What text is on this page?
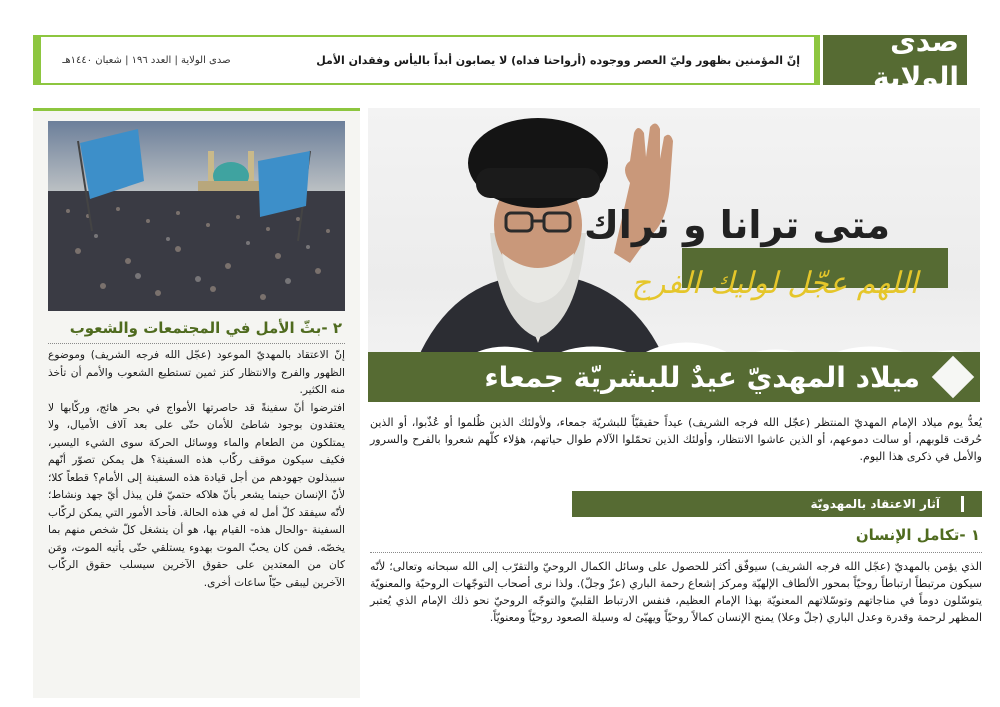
صدى الولاية
إنّ المؤمنين بظهور وليّ العصر ووجوده (أرواحنا فداه) لا يصابون أبداً باليأس وفقدان الأمل
صدى الولاية | العدد ١٩٦ | شعبان ١٤٤٠هـ
متى ترانا و نراك
اللهم عجّل لوليك الفرج
ميلاد المهديّ عيدٌ للبشريّة جمعاء
يُعدُّ يوم ميلاد الإمام المهديّ المنتظر (عجّل الله فرجه الشريف) عيداً حقيقيّاً للبشريّة جمعاء، ولأولئك الذين ظُلموا أو عُذّبوا، أو الذين حُرقت قلوبهم، أو سالت دموعهم، أو الذين عاشوا الانتظار، وأولئك الذين تحمّلوا الآلام طوال حياتهم، هؤلاء كلّهم شعروا بالفرح والسرور والأمل في ذكرى هذا اليوم.
آثار الاعتقاد بالمهدويّة
١ -تكامل الإنسان
الذي يؤمن بالمهديّ (عجّل الله فرجه الشريف) سيوفّق أكثر للحصول على وسائل الكمال الروحيّ والتقرّب إلى الله سبحانه وتعالى؛ لأنّه سيكون مرتبطاً ارتباطاً روحيّاً بمحور الألطاف الإلهيّة ومركز إشعاع رحمة الباري (عزّ وجلّ). ولذا نرى أصحاب التوجّهات الروحيّة والمعنويّة يتوسّلون دوماً في مناجاتهم وتوسّلاتهم المعنويّة بهذا الإمام العظيم، فنفس الارتباط القلبيّ والتوجّه الروحيّ نحو ذلك الإمام الذي يُعتبر المظهر لرحمة وقدرة وعدل الباري (جلّ وعلا) يمنح الإنسان كمالاً روحيّاً ويهيّئ له وسيلة الصعود روحيّاً ومعنويّاً.
٢ -بثّ الأمل في المجتمعات والشعوب

إنّ الاعتقاد بالمهديّ الموعود (عجّل الله فرجه الشريف) وموضوع الظهور والفرج والانتظار كنز ثمين تستطيع الشعوب والأمم أن تأخذ منه الكثير.

افترضوا أنّ سفينةً قد حاصرتها الأمواج في بحر هائج، وركّابها لا يعتقدون بوجود شاطئ للأمان حتّى على بعد آلاف الأميال، ولا يمتلكون من الطعام والماء ووسائل الحركة سوى الشيء اليسير، فكيف سيكون موقف ركّاب هذه السفينة؟ هل يمكن تصوّر أنّهم سيبذلون جهودهم من أجل قيادة هذه السفينة إلى الأمام؟ قطعاً كلا؛ لأنّ الإنسان حينما يشعر بأنّ هلاكه حتميّ فلن يبذل أيّ جهد ونشاط؛ لأنّه سيفقد كلّ أمل له في هذه الحالة. فأحد الأمور التي يمكن لركّاب السفينة -والحال هذه- القيام بها، هو أن ينشغل كلّ شخص منهم بما يخصّه. فمن كان يحبّ الموت بهدوء يستلقي حتّى يأتيه الموت، ومَن كان من المعتدين على حقوق الآخرين سيسلب حقوق الركّاب الآخرين ليبقى حيّاً ساعات أخرى.
